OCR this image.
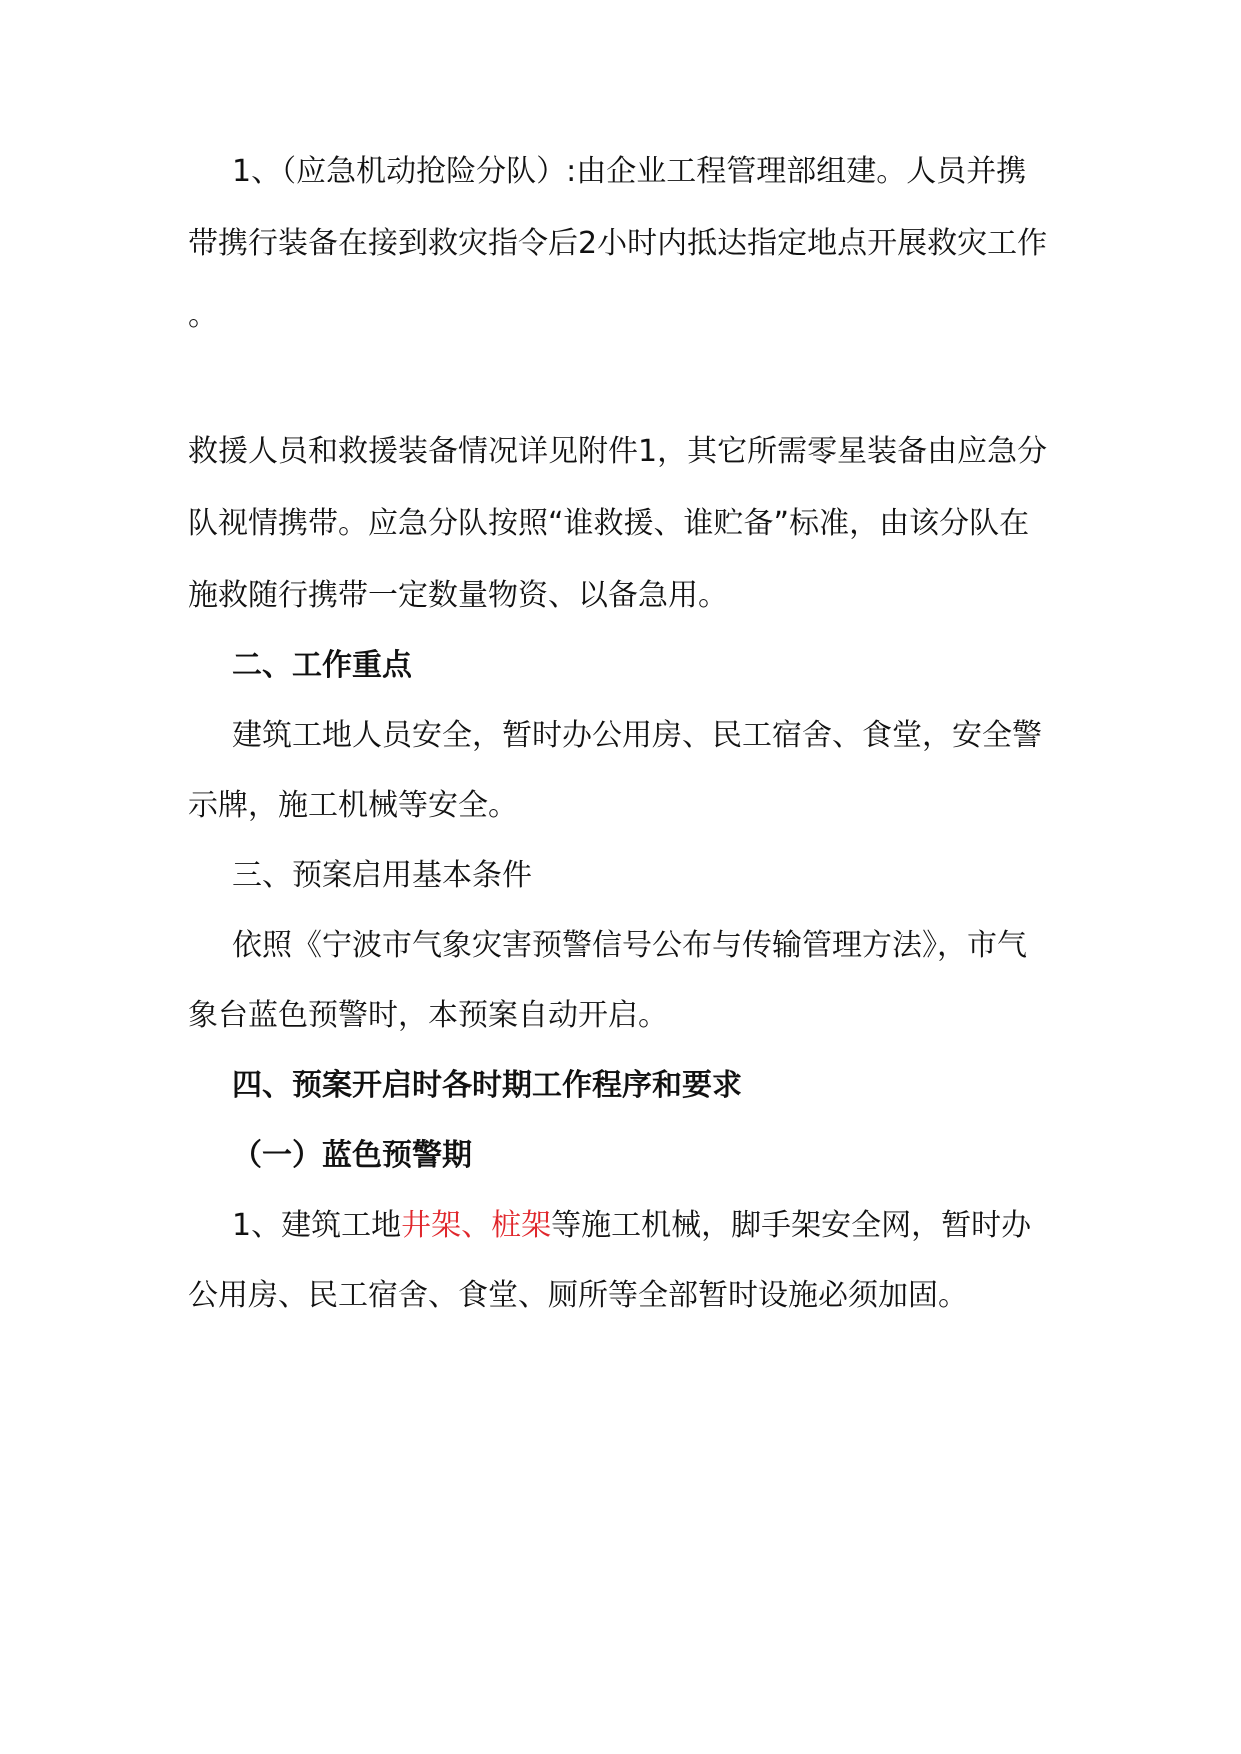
1、（应急机动抢险分队）:由企业工程管理部组建。人员并携
带携行装备在接到救灾指令后2小时内抵达指定地点开展救灾工作
。
救援人员和救援装备情况详见附件1，其它所需零星装备由应急分
队视情携带。应急分队按照“谁救援、谁贮备”标准，由该分队在
施救随行携带一定数量物资、以备急用。
二、工作重点
建筑工地人员安全，暂时办公用房、民工宿舍、食堂，安全警
示牌，施工机械等安全。
三、预案启用基本条件
依照《宁波市气象灾害预警信号公布与传输管理方法》，市气
象台蓝色预警时，本预案自动开启。
四、预案开启时各时期工作程序和要求
（一）蓝色预警期
1、建筑工地井架、桩架等施工机械，脚手架安全网，暂时办
公用房、民工宿舍、食堂、厕所等全部暂时设施必须加固。
